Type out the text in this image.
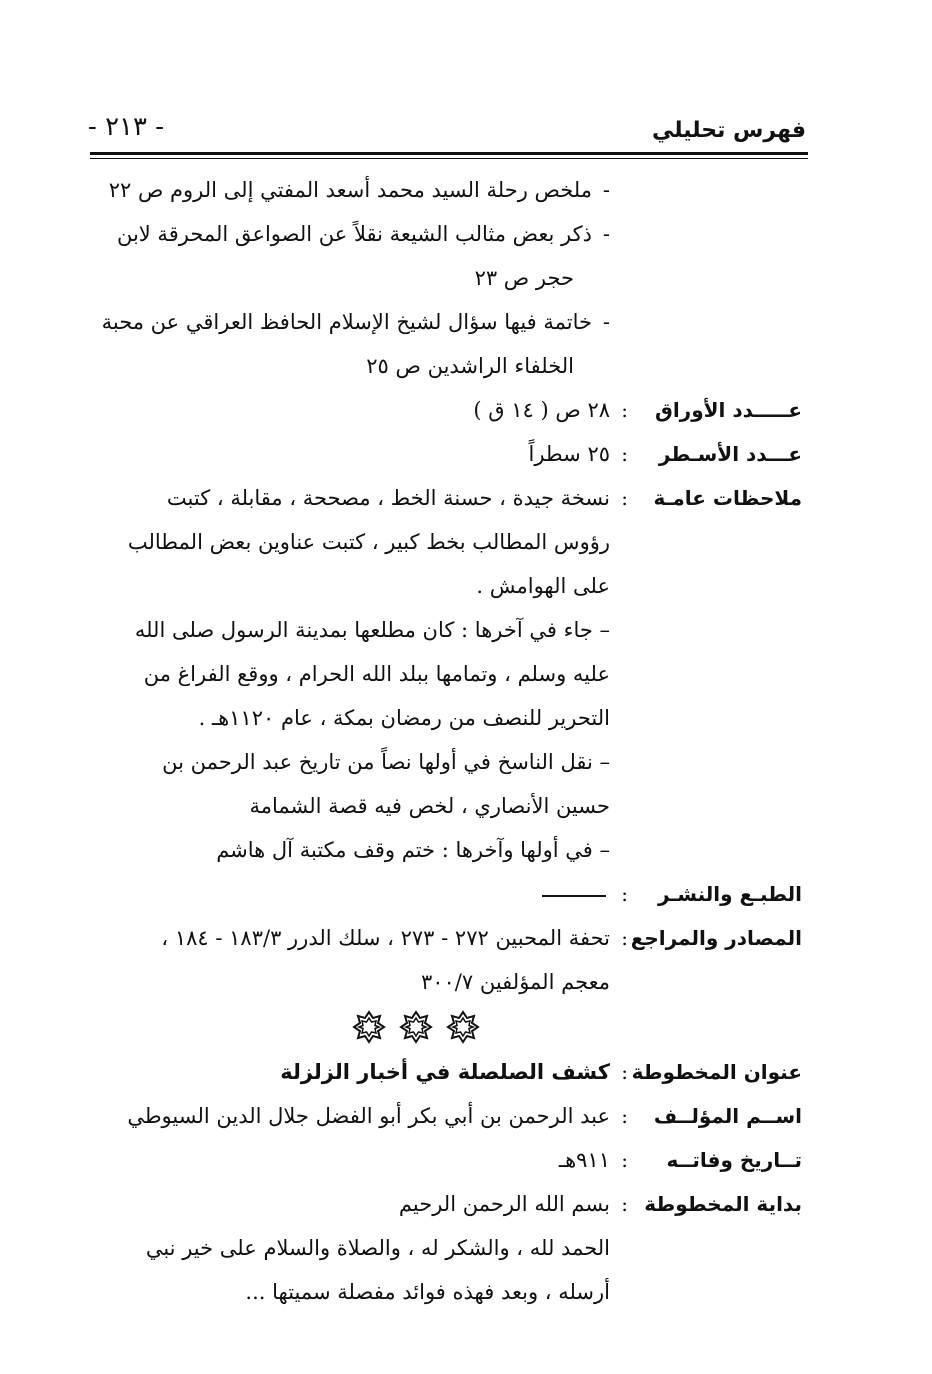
فهرس تحليلي
- ٢١٣ -
-
ملخص رحلة السيد محمد أسعد المفتي إلى الروم ص ٢٢
-
ذكر بعض مثالب الشيعة نقلاً عن الصواعق المحرقة لابن
حجر ص ٢٣
-
خاتمة فيها سؤال لشيخ الإسلام الحافظ العراقي عن محبة
الخلفاء الراشدين ص ٢٥
عـــــدد الأوراق
:
٢٨ ص ( ١٤ ق )
عـــدد الأسـطر
:
٢٥ سطراً
ملاحظات عامـة
:
نسخة جيدة ، حسنة الخط ، مصححة ، مقابلة ، كتبت
رؤوس المطالب بخط كبير ، كتبت عناوين بعض المطالب
على الهوامش .
– جاء في آخرها : كان مطلعها بمدينة الرسول صلى الله
عليه وسلم ، وتمامها ببلد الله الحرام ، ووقع الفراغ من
التحرير للنصف من رمضان بمكة ، عام ١١٢٠هـ .
– نقل الناسخ في أولها نصاً من تاريخ عبد الرحمن بن
حسين الأنصاري ، لخص فيه قصة الشمامة
– في أولها وآخرها : ختم وقف مكتبة آل هاشم
الطبـع والنشـر
:
المصادر والمراجع
:
تحفة المحبين ٢٧٢ - ٢٧٣ ، سلك الدرر ١٨٣/٣ - ١٨٤ ،
معجم المؤلفين ٣٠٠/٧

عنوان المخطوطة
:
كشف الصلصلة في أخبار الزلزلة
اســم المؤلــف
:
عبد الرحمن بن أبي بكر أبو الفضل جلال الدين السيوطي
تــاريخ وفاتــه
:
٩١١هـ
بداية المخطوطة
:
بسم الله الرحمن الرحيم
الحمد لله ، والشكر له ، والصلاة والسلام على خير نبي
أرسله ، وبعد فهذه فوائد مفصلة سميتها ...
